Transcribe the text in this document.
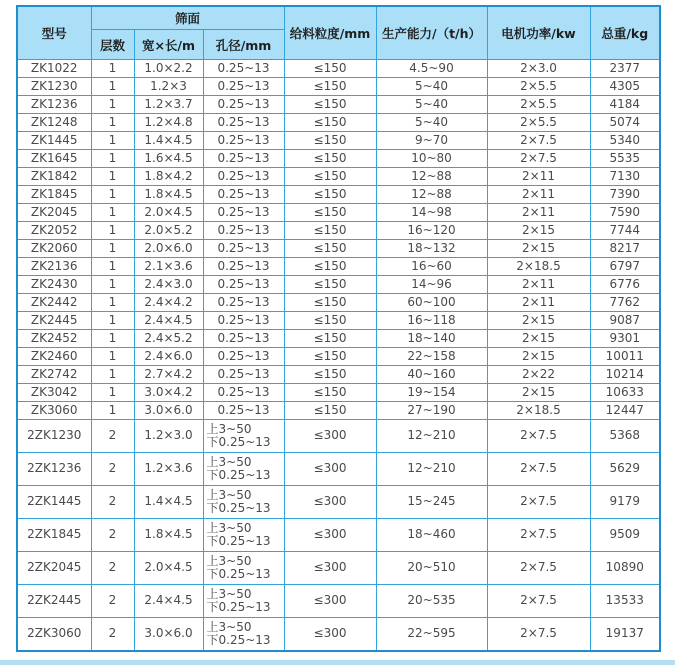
型号	筛面			给料粒度/mm	生产能力/（t/h）	电机功率/kw	总重/kg
	层数	宽×长/m	孔径/mm				
ZK1022	1	1.0×2.2	0.25~13	≤150	4.5~90	2×3.0	2377
ZK1230	1	1.2×3	0.25~13	≤150	5~40	2×5.5	4305
ZK1236	1	1.2×3.7	0.25~13	≤150	5~40	2×5.5	4184
ZK1248	1	1.2×4.8	0.25~13	≤150	5~40	2×5.5	5074
ZK1445	1	1.4×4.5	0.25~13	≤150	9~70	2×7.5	5340
ZK1645	1	1.6×4.5	0.25~13	≤150	10~80	2×7.5	5535
ZK1842	1	1.8×4.2	0.25~13	≤150	12~88	2×11	7130
ZK1845	1	1.8×4.5	0.25~13	≤150	12~88	2×11	7390
ZK2045	1	2.0×4.5	0.25~13	≤150	14~98	2×11	7590
ZK2052	1	2.0×5.2	0.25~13	≤150	16~120	2×15	7744
ZK2060	1	2.0×6.0	0.25~13	≤150	18~132	2×15	8217
ZK2136	1	2.1×3.6	0.25~13	≤150	16~60	2×18.5	6797
ZK2430	1	2.4×3.0	0.25~13	≤150	14~96	2×11	6776
ZK2442	1	2.4×4.2	0.25~13	≤150	60~100	2×11	7762
ZK2445	1	2.4×4.5	0.25~13	≤150	16~118	2×15	9087
ZK2452	1	2.4×5.2	0.25~13	≤150	18~140	2×15	9301
ZK2460	1	2.4×6.0	0.25~13	≤150	22~158	2×15	10011
ZK2742	1	2.7×4.2	0.25~13	≤150	40~160	2×22	10214
ZK3042	1	3.0×4.2	0.25~13	≤150	19~154	2×15	10633
ZK3060	1	3.0×6.0	0.25~13	≤150	27~190	2×18.5	12447
2ZK1230	2	1.2×3.0	上3~50
下0.25~13	≤300	12~210	2×7.5	5368
2ZK1236	2	1.2×3.6	上3~50
下0.25~13	≤300	12~210	2×7.5	5629
2ZK1445	2	1.4×4.5	上3~50
下0.25~13	≤300	15~245	2×7.5	9179
2ZK1845	2	1.8×4.5	上3~50
下0.25~13	≤300	18~460	2×7.5	9509
2ZK2045	2	2.0×4.5	上3~50
下0.25~13	≤300	20~510	2×7.5	10890
2ZK2445	2	2.4×4.5	上3~50
下0.25~13	≤300	20~535	2×7.5	13533
2ZK3060	2	3.0×6.0	上3~50
下0.25~13	≤300	22~595	2×7.5	19137
